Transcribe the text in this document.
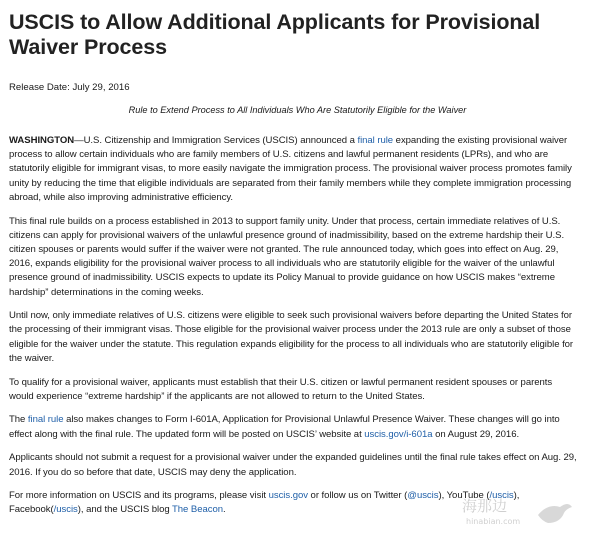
USCIS to Allow Additional Applicants for Provisional Waiver Process
Release Date: July 29, 2016
Rule to Extend Process to All Individuals Who Are Statutorily Eligible for the Waiver

WASHINGTON—U.S. Citizenship and Immigration Services (USCIS) announced a final rule expanding the existing provisional waiver process to allow certain individuals who are family members of U.S. citizens and lawful permanent residents (LPRs), and who are statutorily eligible for immigrant visas, to more easily navigate the immigration process. The provisional waiver process promotes family unity by reducing the time that eligible individuals are separated from their family members while they complete immigration processing abroad, while also improving administrative efficiency.

This final rule builds on a process established in 2013 to support family unity. Under that process, certain immediate relatives of U.S. citizens can apply for provisional waivers of the unlawful presence ground of inadmissibility, based on the extreme hardship their U.S. citizen spouses or parents would suffer if the waiver were not granted. The rule announced today, which goes into effect on Aug. 29, 2016, expands eligibility for the provisional waiver process to all individuals who are statutorily eligible for the waiver of the unlawful presence ground of inadmissibility. USCIS expects to update its Policy Manual to provide guidance on how USCIS makes “extreme hardship” determinations in the coming weeks.

Until now, only immediate relatives of U.S. citizens were eligible to seek such provisional waivers before departing the United States for the processing of their immigrant visas. Those eligible for the provisional waiver process under the 2013 rule are only a subset of those eligible for the waiver under the statute. This regulation expands eligibility for the process to all individuals who are statutorily eligible for the waiver.

To qualify for a provisional waiver, applicants must establish that their U.S. citizen or lawful permanent resident spouses or parents would experience “extreme hardship” if the applicants are not allowed to return to the United States.

The final rule also makes changes to Form I-601A, Application for Provisional Unlawful Presence Waiver. These changes will go into effect along with the final rule. The updated form will be posted on USCIS’ website at uscis.gov/i-601a on August 29, 2016.

Applicants should not submit a request for a provisional waiver under the expanded guidelines until the final rule takes effect on Aug. 29, 2016. If you do so before that date, USCIS may deny the application.

For more information on USCIS and its programs, please visit uscis.gov or follow us on Twitter (@uscis), YouTube (/uscis), Facebook(/uscis), and the USCIS blog The Beacon.	海那边
hinabian.com
